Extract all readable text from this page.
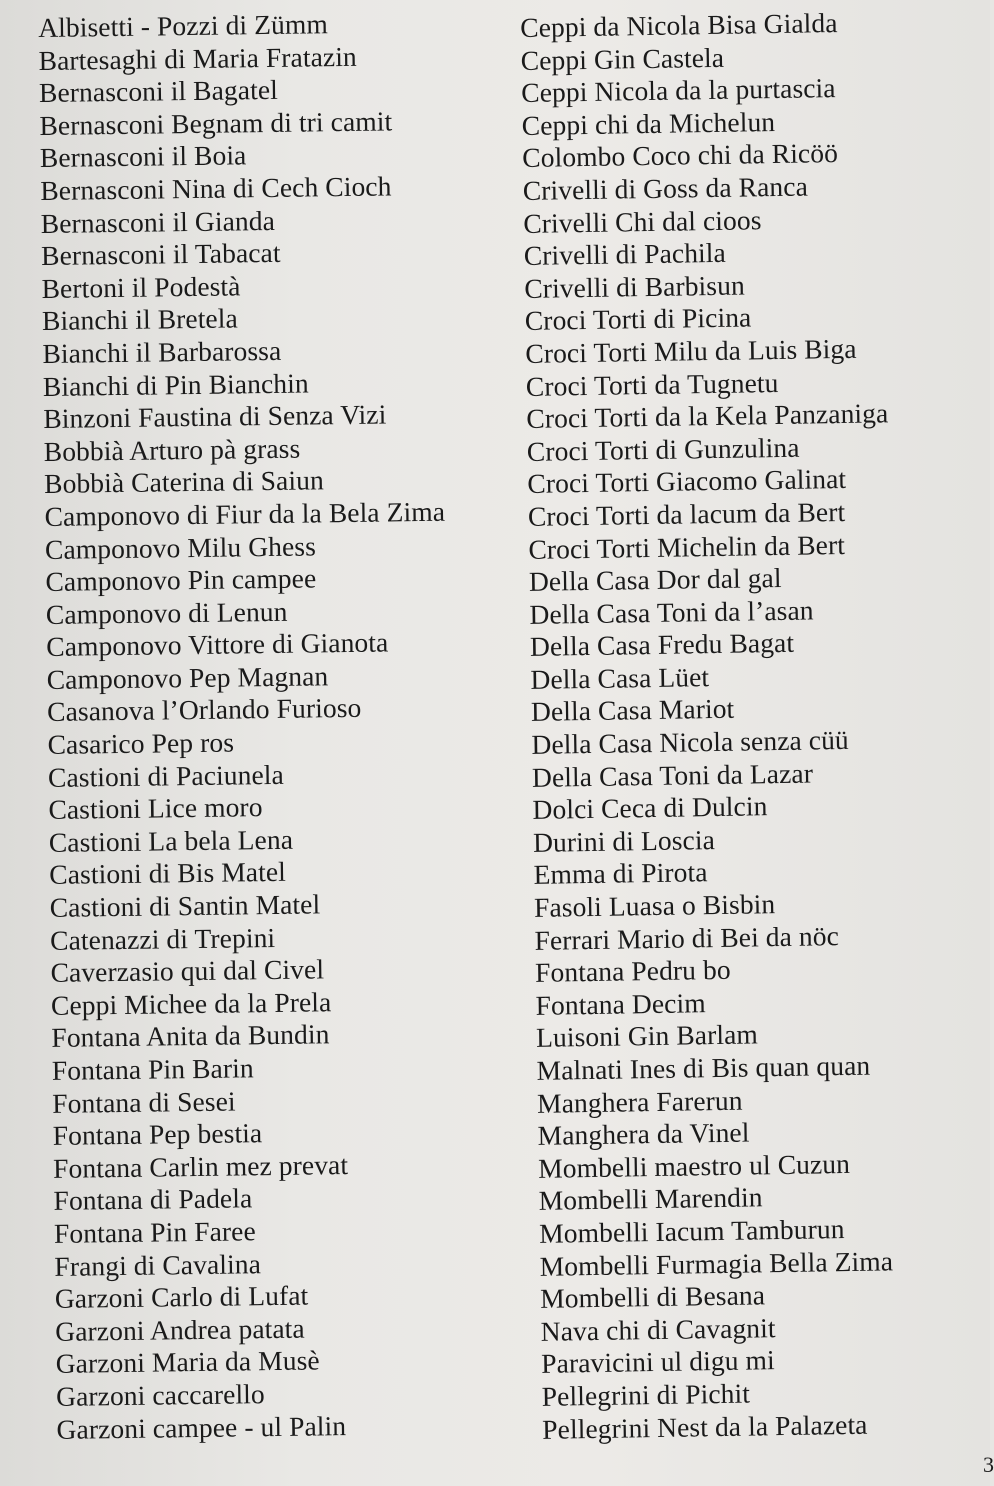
Albisetti - Pozzi di Zümm
Bartesaghi di Maria Fratazin
Bernasconi il Bagatel
Bernasconi Begnam di tri camit
Bernasconi il Boia
Bernasconi Nina di Cech Cioch
Bernasconi il Gianda
Bernasconi il Tabacat
Bertoni il Podestà
Bianchi il Bretela
Bianchi il Barbarossa
Bianchi di Pin Bianchin
Binzoni Faustina di Senza Vizi
Bobbià Arturo pà grass
Bobbià Caterina di Saiun
Camponovo di Fiur da la Bela Zima
Camponovo Milu Ghess
Camponovo Pin campee
Camponovo di Lenun
Camponovo Vittore di Gianota
Camponovo Pep Magnan
Casanova l’Orlando Furioso
Casarico Pep ros
Castioni di Paciunela
Castioni Lice moro
Castioni La bela Lena
Castioni di Bis Matel
Castioni di Santin Matel
Catenazzi di Trepini
Caverzasio qui dal Civel
Ceppi Michee da la Prela
Fontana Anita da Bundin
Fontana Pin Barin
Fontana di Sesei
Fontana Pep bestia
Fontana Carlin mez prevat
Fontana di Padela
Fontana Pin Faree
Frangi di Cavalina
Garzoni Carlo di Lufat
Garzoni Andrea patata
Garzoni Maria da Musè
Garzoni caccarello
Garzoni campee - ul Palin
Ceppi da Nicola Bisa Gialda
Ceppi Gin Castela
Ceppi Nicola da la purtascia
Ceppi chi da Michelun
Colombo Coco chi da Ricöö
Crivelli di Goss da Ranca
Crivelli Chi dal cioos
Crivelli di Pachila
Crivelli di Barbisun
Croci Torti di Picina
Croci Torti Milu da Luis Biga
Croci Torti da Tugnetu
Croci Torti da la Kela Panzaniga
Croci Torti di Gunzulina
Croci Torti Giacomo Galinat
Croci Torti da lacum da Bert
Croci Torti Michelin da Bert
Della Casa Dor dal gal
Della Casa Toni da l’asan
Della Casa Fredu Bagat
Della Casa Lüet
Della Casa Mariot
Della Casa Nicola senza cüü
Della Casa Toni da Lazar
Dolci Ceca di Dulcin
Durini di Loscia
Emma di Pirota
Fasoli Luasa o Bisbin
Ferrari Mario di Bei da nöc
Fontana Pedru bo
Fontana Decim
Luisoni Gin Barlam
Malnati Ines di Bis quan quan
Manghera Farerun
Manghera da Vinel
Mombelli maestro ul Cuzun
Mombelli Marendin
Mombelli Iacum Tamburun
Mombelli Furmagia Bella Zima
Mombelli di Besana
Nava chi di Cavagnit
Paravicini ul digu mi
Pellegrini di Pichit
Pellegrini Nest da la Palazeta
3
